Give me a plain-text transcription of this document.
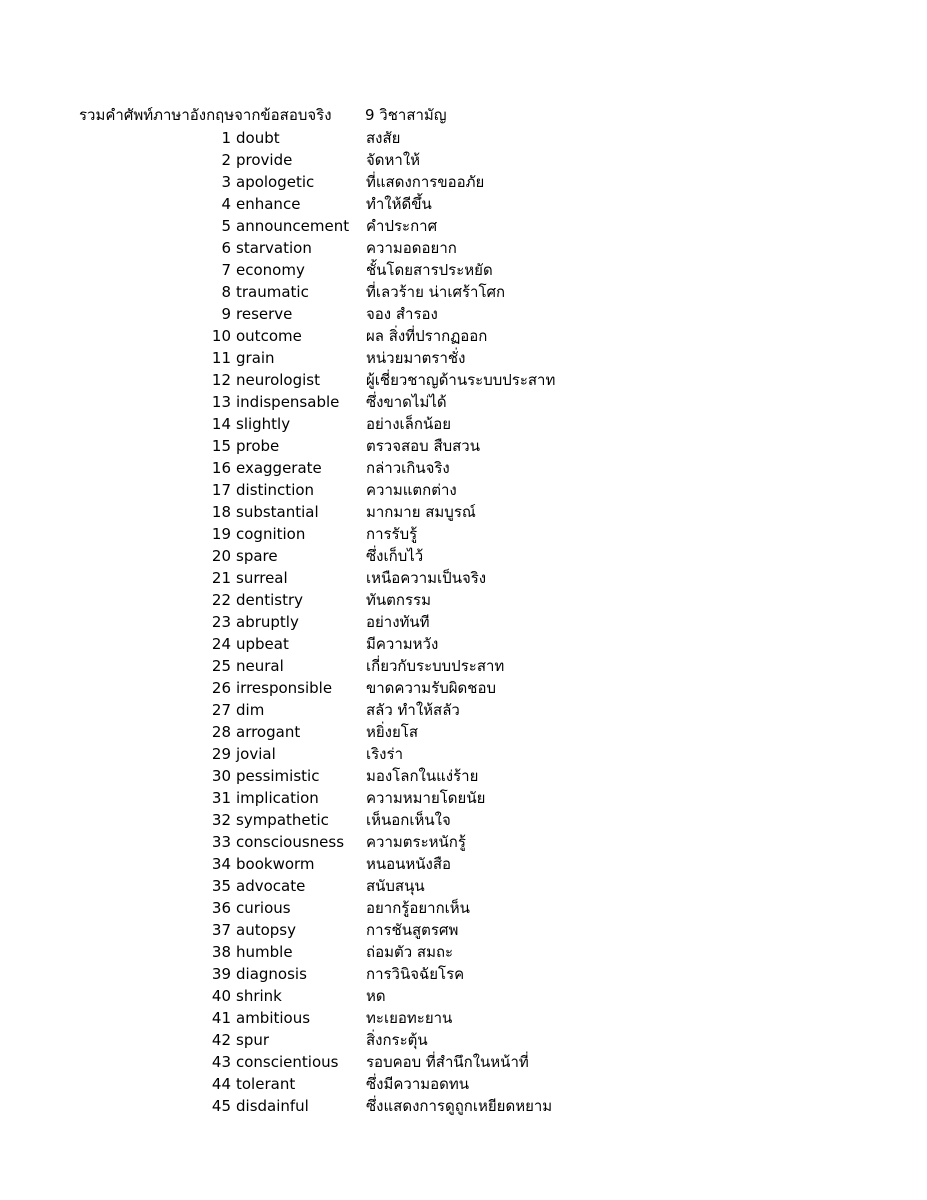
รวมคำศัพท์ภาษาอังกฤษจากข้อสอบจริง 9 วิชาสามัญ
1 doubt	สงสัย
2 provide	จัดหาให้
3 apologetic	ที่แสดงการขออภัย
4 enhance	ทำให้ดีขึ้น
5 announcement คำประกาศ
6 starvation	ความอดอยาก
7 economy	ชั้นโดยสารประหยัด
8 traumatic	ที่เลวร้าย น่าเศร้าโศก
9 reserve	จอง สำรอง
10 outcome	ผล สิ่งที่ปรากฏออก
11 grain	หน่วยมาตราชั่ง
12 neurologist	ผู้เชี่ยวชาญด้านระบบประสาท
13 indispensable ซึ่งขาดไม่ได้
14 slightly	อย่างเล็กน้อย
15 probe	ตรวจสอบ สืบสวน
16 exaggerate	กล่าวเกินจริง
17 distinction	ความแตกต่าง
18 substantial	มากมาย สมบูรณ์
19 cognition	การรับรู้
20 spare	ซึ่งเก็บไว้
21 surreal	เหนือความเป็นจริง
22 dentistry	ทันตกรรม
23 abruptly	อย่างทันที
24 upbeat	มีความหวัง
25 neural	เกี่ยวกับระบบประสาท
26 irresponsible ขาดความรับผิดชอบ
27 dim	สลัว ทำให้สลัว
28 arrogant	หยิ่งยโส
29 jovial	เริงร่า
30 pessimistic	มองโลกในแง่ร้าย
31 implication	ความหมายโดยนัย
32 sympathetic เห็นอกเห็นใจ
33 consciousness ความตระหนักรู้
34 bookworm	หนอนหนังสือ
35 advocate	สนับสนุน
36 curious	อยากรู้อยากเห็น
37 autopsy	การชันสูตรศพ
38 humble	ถ่อมตัว สมถะ
39 diagnosis	การวินิจฉัยโรค
40 shrink	หด
41 ambitious	ทะเยอทะยาน
42 spur	สิ่งกระตุ้น
43 conscientious รอบคอบ ที่สำนึกในหน้าที่
44 tolerant	ซึ่งมีความอดทน
45 disdainful	ซึ่งแสดงการดูถูกเหยียดหยาม
